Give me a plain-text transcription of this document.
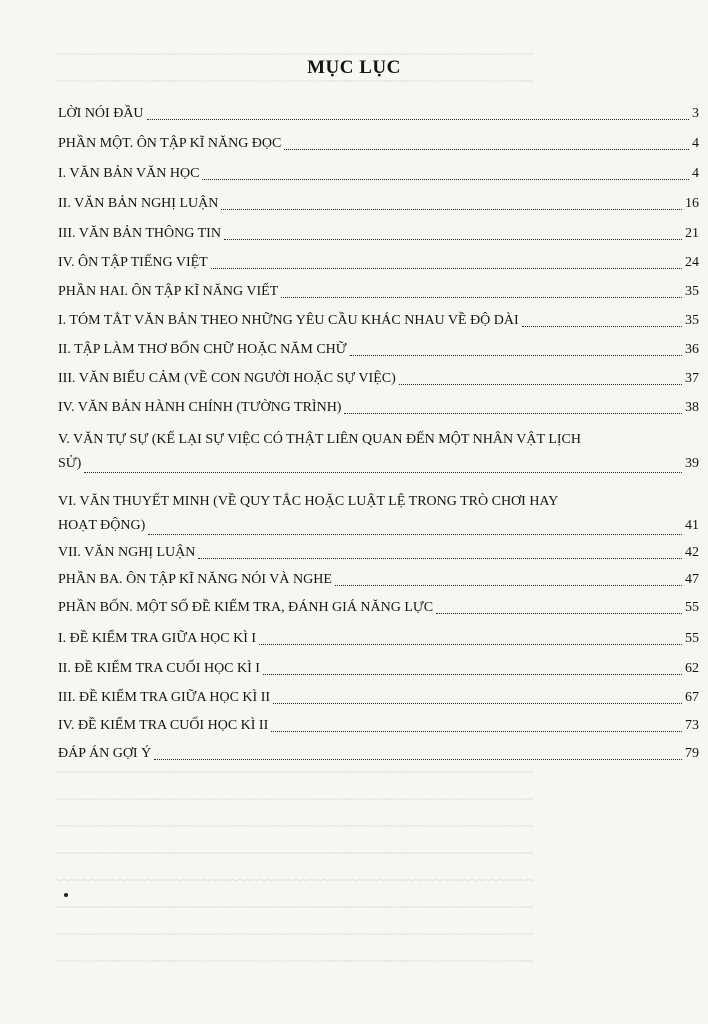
~~~~~~~~~~~~~~~~~~~~~~~~~~~~~~~~~~~~~~~~~~~~~~~~~~~~~~~~~~~~~~~~~~~~
~~~~~~~~~~~~~~~~~~~~~~~~~~~~~~~~~~~~~~~~~~~~~~~~~~~~~~~~~~~~~~~~~~~~
MỤC LỤC
LỜI NÓI ĐẦU	3
PHẦN MỘT. ÔN TẬP KĨ NĂNG ĐỌC	4
I. VĂN BẢN VĂN HỌC	4
II. VĂN BẢN NGHỊ LUẬN	16
III. VĂN BẢN THÔNG TIN	21
IV. ÔN TẬP TIẾNG VIỆT	24
PHẦN HAI. ÔN TẬP KĨ NĂNG VIẾT	35
I. TÓM TẮT VĂN BẢN THEO NHỮNG YÊU CẦU KHÁC NHAU VỀ ĐỘ DÀI	35
II. TẬP LÀM THƠ BỐN CHỮ HOẶC NĂM CHỮ	36
III. VĂN BIỂU CẢM (VỀ CON NGƯỜI HOẶC SỰ VIỆC)	37
IV. VĂN BẢN HÀNH CHÍNH (TƯỜNG TRÌNH)	38
V. VĂN TỰ SỰ (KỂ LẠI SỰ VIỆC CÓ THẬT LIÊN QUAN ĐẾN MỘT NHÂN VẬT LỊCH
SỬ)	39
VI. VĂN THUYẾT MINH (VỀ QUY TẮC HOẶC LUẬT LỆ TRONG TRÒ CHƠI HAY
HOẠT ĐỘNG)	41
VII. VĂN NGHỊ LUẬN	42
PHẦN BA. ÔN TẬP KĨ NĂNG NÓI VÀ NGHE	47
PHẦN BỐN. MỘT SỐ ĐỀ KIỂM TRA, ĐÁNH GIÁ NĂNG LỰC	55
I. ĐỀ KIỂM TRA GIỮA HỌC KÌ I	55
II. ĐỀ KIỂM TRA CUỐI HỌC KÌ I	62
III. ĐỀ KIỂM TRA GIỮA HỌC KÌ II	67
IV. ĐỀ KIỂM TRA CUỐI HỌC KÌ II	73
ĐÁP ÁN GỢI Ý	79
~~~~~~~~~~~~~~~~~~~~~~~~~~~~~~~~~~~~~~~~~~~~~~~~~~~~~~~~~~~~~~~~~~~~
~~~~~~~~~~~~~~~~~~~~~~~~~~~~~~~~~~~~~~~~~~~~~~~~~~~~~~~~~~~~~~~~~~~~
~~~~~~~~~~~~~~~~~~~~~~~~~~~~~~~~~~~~~~~~~~~~~~~~~~~~~~~~~~~~~~~~~~~~
~~~~~~~~~~~~~~~~~~~~~~~~~~~~~~~~~~~~~~~~~~~~~~~~~~~~~~~~~~~~~~~~~~~~
~~~~~~~~~~~~~~~~~~~~~~~~~~~~~~~~~~~~~~~~~~~~~~~~~~~~~~~~~~~~~~~~~~~~
~~~~~~~~~~~~~~~~~~~~~~~~~~~~~~~~~~~~~~~~~~~~~~~~~~~~~~~~~~~~~~~~~~~~
~~~~~~~~~~~~~~~~~~~~~~~~~~~~~~~~~~~~~~~~~~~~~~~~~~~~~~~~~~~~~~~~~~~~
~~~~~~~~~~~~~~~~~~~~~~~~~~~~~~~~~~~~~~~~~~~~~~~~~~~~~~~~~~~~~~~~~~~~
